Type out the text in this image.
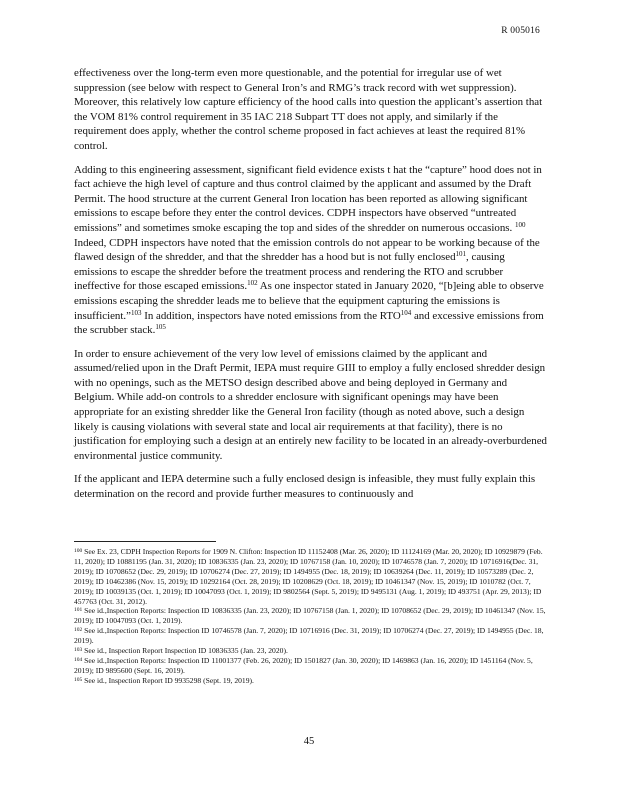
R 005016

effectiveness over the long-term even more questionable, and the potential for irregular use of wet suppression (see below with respect to General Iron’s and RMG’s track record with wet suppression). Moreover, this relatively low capture efficiency of the hood calls into question the applicant’s assertion that the VOM 81% control requirement in 35 IAC 218 Subpart TT does not apply, and similarly if the requirement does apply, whether the control scheme proposed in fact achieves at least the required 81% control.

Adding to this engineering assessment, significant field evidence exists t hat the “capture” hood does not in fact achieve the high level of capture and thus control claimed by the applicant and assumed by the Draft Permit. The hood structure at the current General Iron location has been reported as allowing significant emissions to escape before they enter the control devices. CDPH inspectors have observed “untreated emissions” and sometimes smoke escaping the top and sides of the shredder on numerous occasions. $^{100}$ Indeed, CDPH inspectors have noted that the emission controls do not appear to be working because of the flawed design of the shredder, and that the shredder has a hood but is not fully enclosed$^{101}$, causing emissions to escape the shredder before the treatment process and rendering the RTO and scrubber ineffective for those escaped emissions.$^{102}$ As one inspector stated in January 2020, “[b]eing able to observe emissions escaping the shredder leads me to believe that the equipment capturing the emissions is insufficient.”$^{103}$ In addition, inspectors have noted emissions from the RTO$^{104}$ and excessive emissions from the scrubber stack.$^{105}$

In order to ensure achievement of the very low level of emissions claimed by the applicant and assumed/relied upon in the Draft Permit, IEPA must require GIII to employ a fully enclosed shredder design with no openings, such as the METSO design described above and being deployed in Germany and Belgium. While add-on controls to a shredder enclosure with significant openings may have been appropriate for an existing shredder like the General Iron facility (though as noted above, such a design likely is causing violations with several state and local air requirements at that facility), there is no justification for employing such a design at an entirely new facility to be located in an already-overburdened environmental justice community.

If the applicant and IEPA determine such a fully enclosed design is infeasible, they must fully explain this determination on the record and provide further measures to continuously and

$^{100}$ See Ex. 23, CDPH Inspection Reports for 1909 N. Clifton: Inspection ID 11152408 (Mar. 26, 2020); ID 11124169 (Mar. 20, 2020); ID 10929879 (Feb. 11, 2020); ID 10881195 (Jan. 31, 2020); ID 10836335 (Jan. 23, 2020); ID 10767158 (Jan. 10, 2020); ID 10746578 (Jan. 7, 2020); ID 10716916(Dec. 31, 2019); ID 10708652 (Dec. 29, 2019); ID 10706274 (Dec. 27, 2019); ID 1494955 (Dec. 18, 2019); ID 10639264 (Dec. 11, 2019); ID 10573289 (Dec. 2, 2019); ID 10462386 (Nov. 15, 2019); ID 10292164 (Oct. 28, 2019); ID 10208629 (Oct. 18, 2019); ID 10461347 (Nov. 15, 2019); ID 1010782 (Oct. 7, 2019); ID 10039135 (Oct. 1, 2019); ID 10047093 (Oct. 1, 2019); ID 9802564 (Sept. 5, 2019); ID 9495131 (Aug. 1, 2019); ID 493751 (Apr. 29, 2013); ID 457763 (Oct. 31, 2012).

$^{101}$ See id.,Inspection Reports: Inspection ID 10836335 (Jan. 23, 2020); ID 10767158 (Jan. 1, 2020); ID 10708652 (Dec. 29, 2019); ID 10461347 (Nov. 15, 2019); ID 10047093 (Oct. 1, 2019).

$^{102}$ See id.,Inspection Reports: Inspection ID 10746578 (Jan. 7, 2020); ID 10716916 (Dec. 31, 2019); ID 10706274 (Dec. 27, 2019); ID 1494955 (Dec. 18, 2019).

$^{103}$ See id., Inspection Report Inspection ID 10836335 (Jan. 23, 2020).

$^{104}$ See id.,Inspection Reports: Inspection ID 11001377 (Feb. 26, 2020); ID 1501827 (Jan. 30, 2020); ID 1469863 (Jan. 16, 2020); ID 1451164 (Nov. 5, 2019); ID 9895600 (Sept. 16, 2019).

$^{105}$ See id., Inspection Report ID 9935298 (Sept. 19, 2019).

45
